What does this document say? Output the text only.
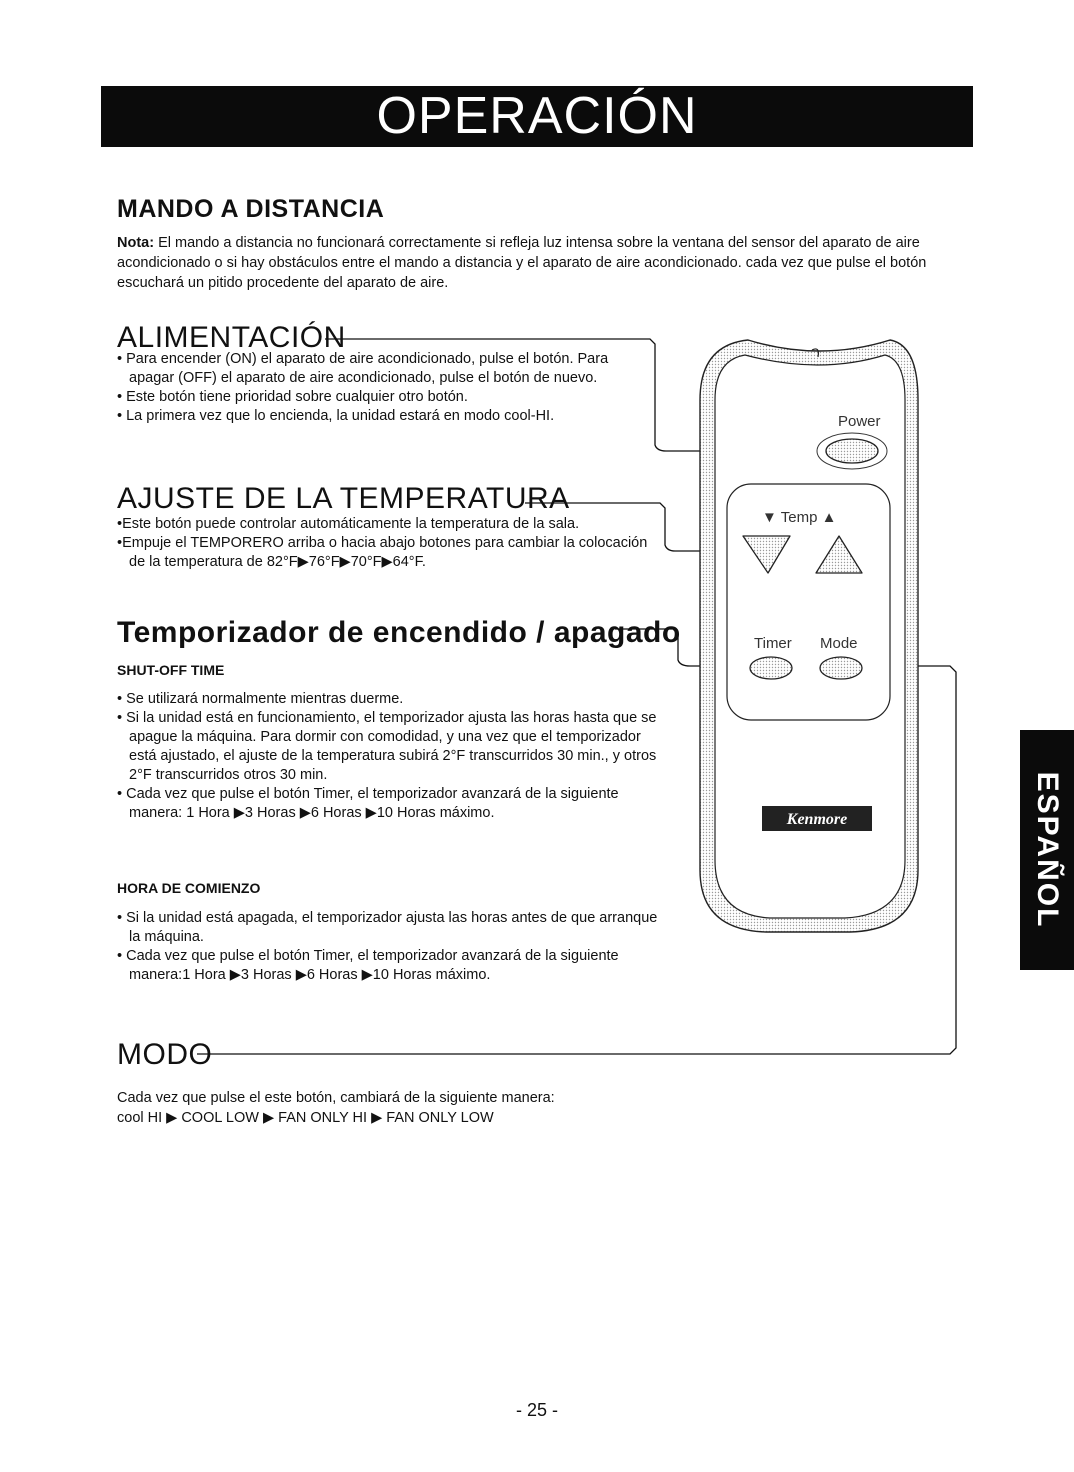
OPERACIÓN
ESPAÑOL
MANDO A DISTANCIA
Nota: El mando a distancia no funcionará correctamente si refleja luz intensa sobre la ventana del sensor del aparato de aire acondicionado o si hay obstáculos entre el mando a distancia y el aparato de aire acondicionado. cada vez que pulse el botón escuchará un pitido procedente del aparato de aire.
ALIMENTACIÓN
• Para encender (ON) el aparato de aire acondicionado, pulse el botón. Para apagar (OFF) el aparato de aire acondicionado, pulse el botón de nuevo.
• Este botón tiene prioridad sobre cualquier otro botón.
• La primera vez que lo encienda, la unidad estará en modo cool-HI.
AJUSTE DE LA TEMPERATURA
•Este botón puede controlar automáticamente la temperatura de la sala.
•Empuje el TEMPORERO arriba o hacia abajo botones para cambiar la colocación de la temperatura de 82°F▶76°F▶70°F▶64°F.
Temporizador de encendido / apagado

SHUT-OFF TIME

• Se utilizará normalmente mientras duerme.
• Si la unidad está en funcionamiento, el temporizador ajusta las horas hasta que se apague la máquina. Para dormir con comodidad, y una vez que el temporizador está ajustado, el ajuste de la temperatura subirá 2°F transcurridos 30 min., y otros 2°F transcurridos otros 30 min.
• Cada vez que pulse el botón Timer, el temporizador avanzará de la siguiente manera: 1 Hora ▶3 Horas ▶6 Horas ▶10 Horas máximo.

HORA DE COMIENZO

• Si la unidad está apagada, el temporizador ajusta las horas antes de que arranque la máquina.
• Cada vez que pulse el botón Timer, el temporizador avanzará de la siguiente manera:1 Hora ▶3 Horas ▶6 Horas ▶10 Horas máximo.
MODO
Cada vez que pulse el este botón, cambiará de la siguiente manera:
cool HI ▶ COOL LOW ▶ FAN ONLY HI ▶ FAN ONLY LOW
Power
▼ Temp ▲
Timer Mode
Kenmore
- 25 -
